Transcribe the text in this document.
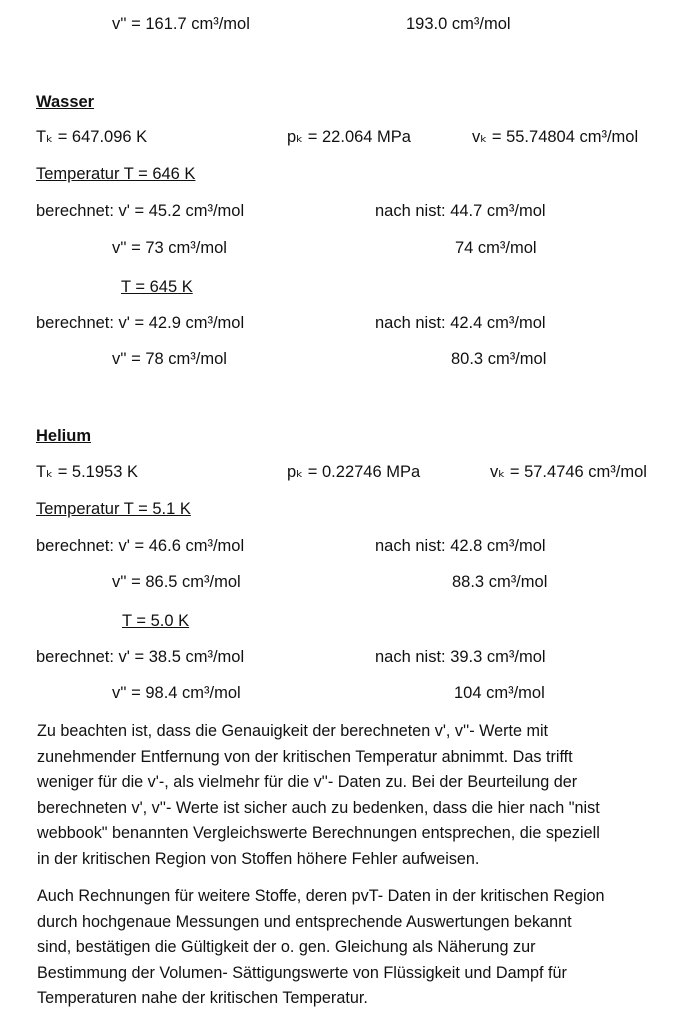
v'' = 161.7 cm³/mol	193.0 cm³/mol
Wasser
Tₖ = 647.096 K	pₖ = 22.064 MPa	vₖ = 55.74804 cm³/mol
Temperatur T = 646 K
berechnet: v' = 45.2 cm³/mol	nach nist: 44.7 cm³/mol
v'' = 73 cm³/mol	74 cm³/mol
T = 645 K
berechnet: v' = 42.9 cm³/mol	nach nist: 42.4 cm³/mol
v'' = 78 cm³/mol	80.3 cm³/mol
Helium
Tₖ = 5.1953 K	pₖ = 0.22746 MPa	vₖ = 57.4746 cm³/mol
Temperatur T = 5.1 K
berechnet: v' = 46.6 cm³/mol	nach nist: 42.8 cm³/mol
v'' = 86.5 cm³/mol	88.3 cm³/mol
T = 5.0 K
berechnet: v' = 38.5 cm³/mol	nach nist: 39.3 cm³/mol
v'' = 98.4 cm³/mol	104 cm³/mol

Zu beachten ist, dass die Genauigkeit der berechneten v', v''- Werte mit

zunehmender Entfernung von der kritischen Temperatur abnimmt. Das trifft

weniger für die v'-, als vielmehr für die v''- Daten zu. Bei der Beurteilung der

berechneten v', v''- Werte ist sicher auch zu bedenken, dass die hier nach "nist

webbook" benannten Vergleichswerte Berechnungen entsprechen, die speziell

in der kritischen Region von Stoffen höhere Fehler aufweisen.

Auch Rechnungen für weitere Stoffe, deren pvT- Daten in der kritischen Region

durch hochgenaue Messungen und entsprechende Auswertungen bekannt

sind, bestätigen die Gültigkeit der o. gen. Gleichung als Näherung zur

Bestimmung der Volumen- Sättigungswerte von Flüssigkeit und Dampf für

Temperaturen nahe der kritischen Temperatur.
